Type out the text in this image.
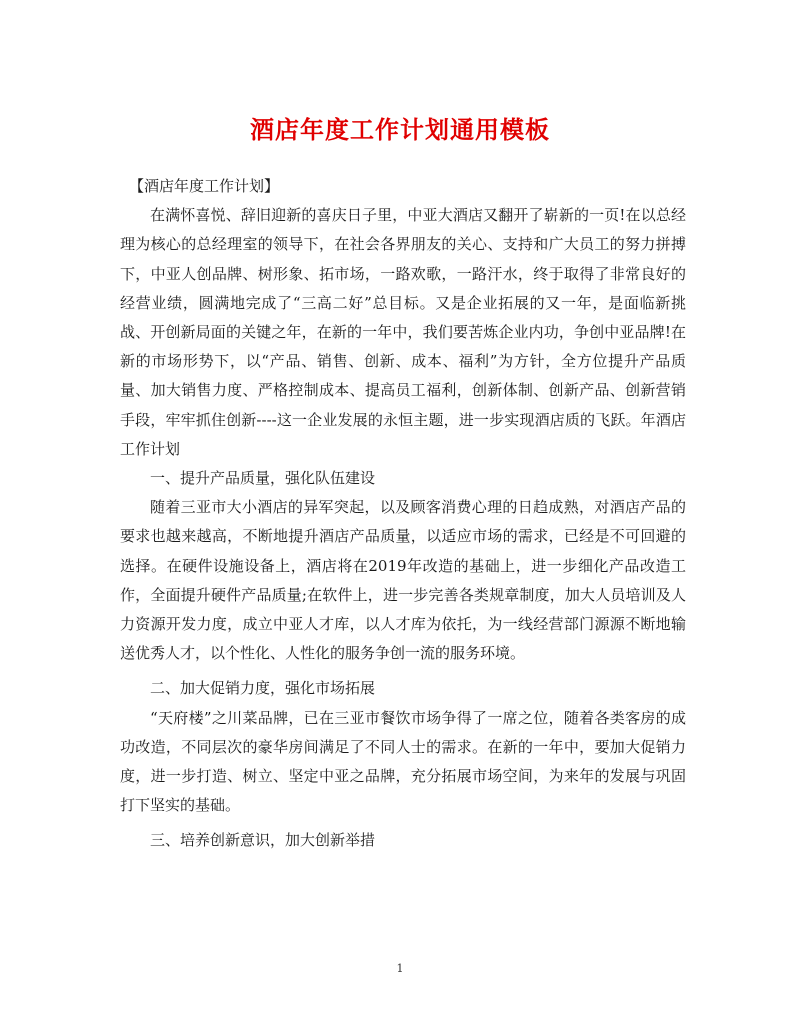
酒店年度工作计划通用模板

【酒店年度工作计划】

在满怀喜悦、辞旧迎新的喜庆日子里，中亚大酒店又翻开了崭新的一页!在以总经理为核心的总经理室的领导下，在社会各界朋友的关心、支持和广大员工的努力拼搏下，中亚人创品牌、树形象、拓市场，一路欢歌，一路汗水，终于取得了非常良好的经营业绩，圆满地完成了“三高二好”总目标。又是企业拓展的又一年，是面临新挑战、开创新局面的关键之年，在新的一年中，我们要苦炼企业内功，争创中亚品牌!在新的市场形势下，以“产品、销售、创新、成本、福利”为方针，全方位提升产品质量、加大销售力度、严格控制成本、提高员工福利，创新体制、创新产品、创新营销手段，牢牢抓住创新----这一企业发展的永恒主题，进一步实现酒店质的飞跃。年酒店工作计划

一、提升产品质量，强化队伍建设

随着三亚市大小酒店的异军突起，以及顾客消费心理的日趋成熟，对酒店产品的要求也越来越高，不断地提升酒店产品质量，以适应市场的需求，已经是不可回避的选择。在硬件设施设备上，酒店将在2019年改造的基础上，进一步细化产品改造工作，全面提升硬件产品质量;在软件上，进一步完善各类规章制度，加大人员培训及人力资源开发力度，成立中亚人才库，以人才库为依托，为一线经营部门源源不断地输送优秀人才，以个性化、人性化的服务争创一流的服务环境。

二、加大促销力度，强化市场拓展

“天府楼”之川菜品牌，已在三亚市餐饮市场争得了一席之位，随着各类客房的成功改造，不同层次的豪华房间满足了不同人士的需求。在新的一年中，要加大促销力度，进一步打造、树立、坚定中亚之品牌，充分拓展市场空间，为来年的发展与巩固打下坚实的基础。

三、培养创新意识，加大创新举措

1
